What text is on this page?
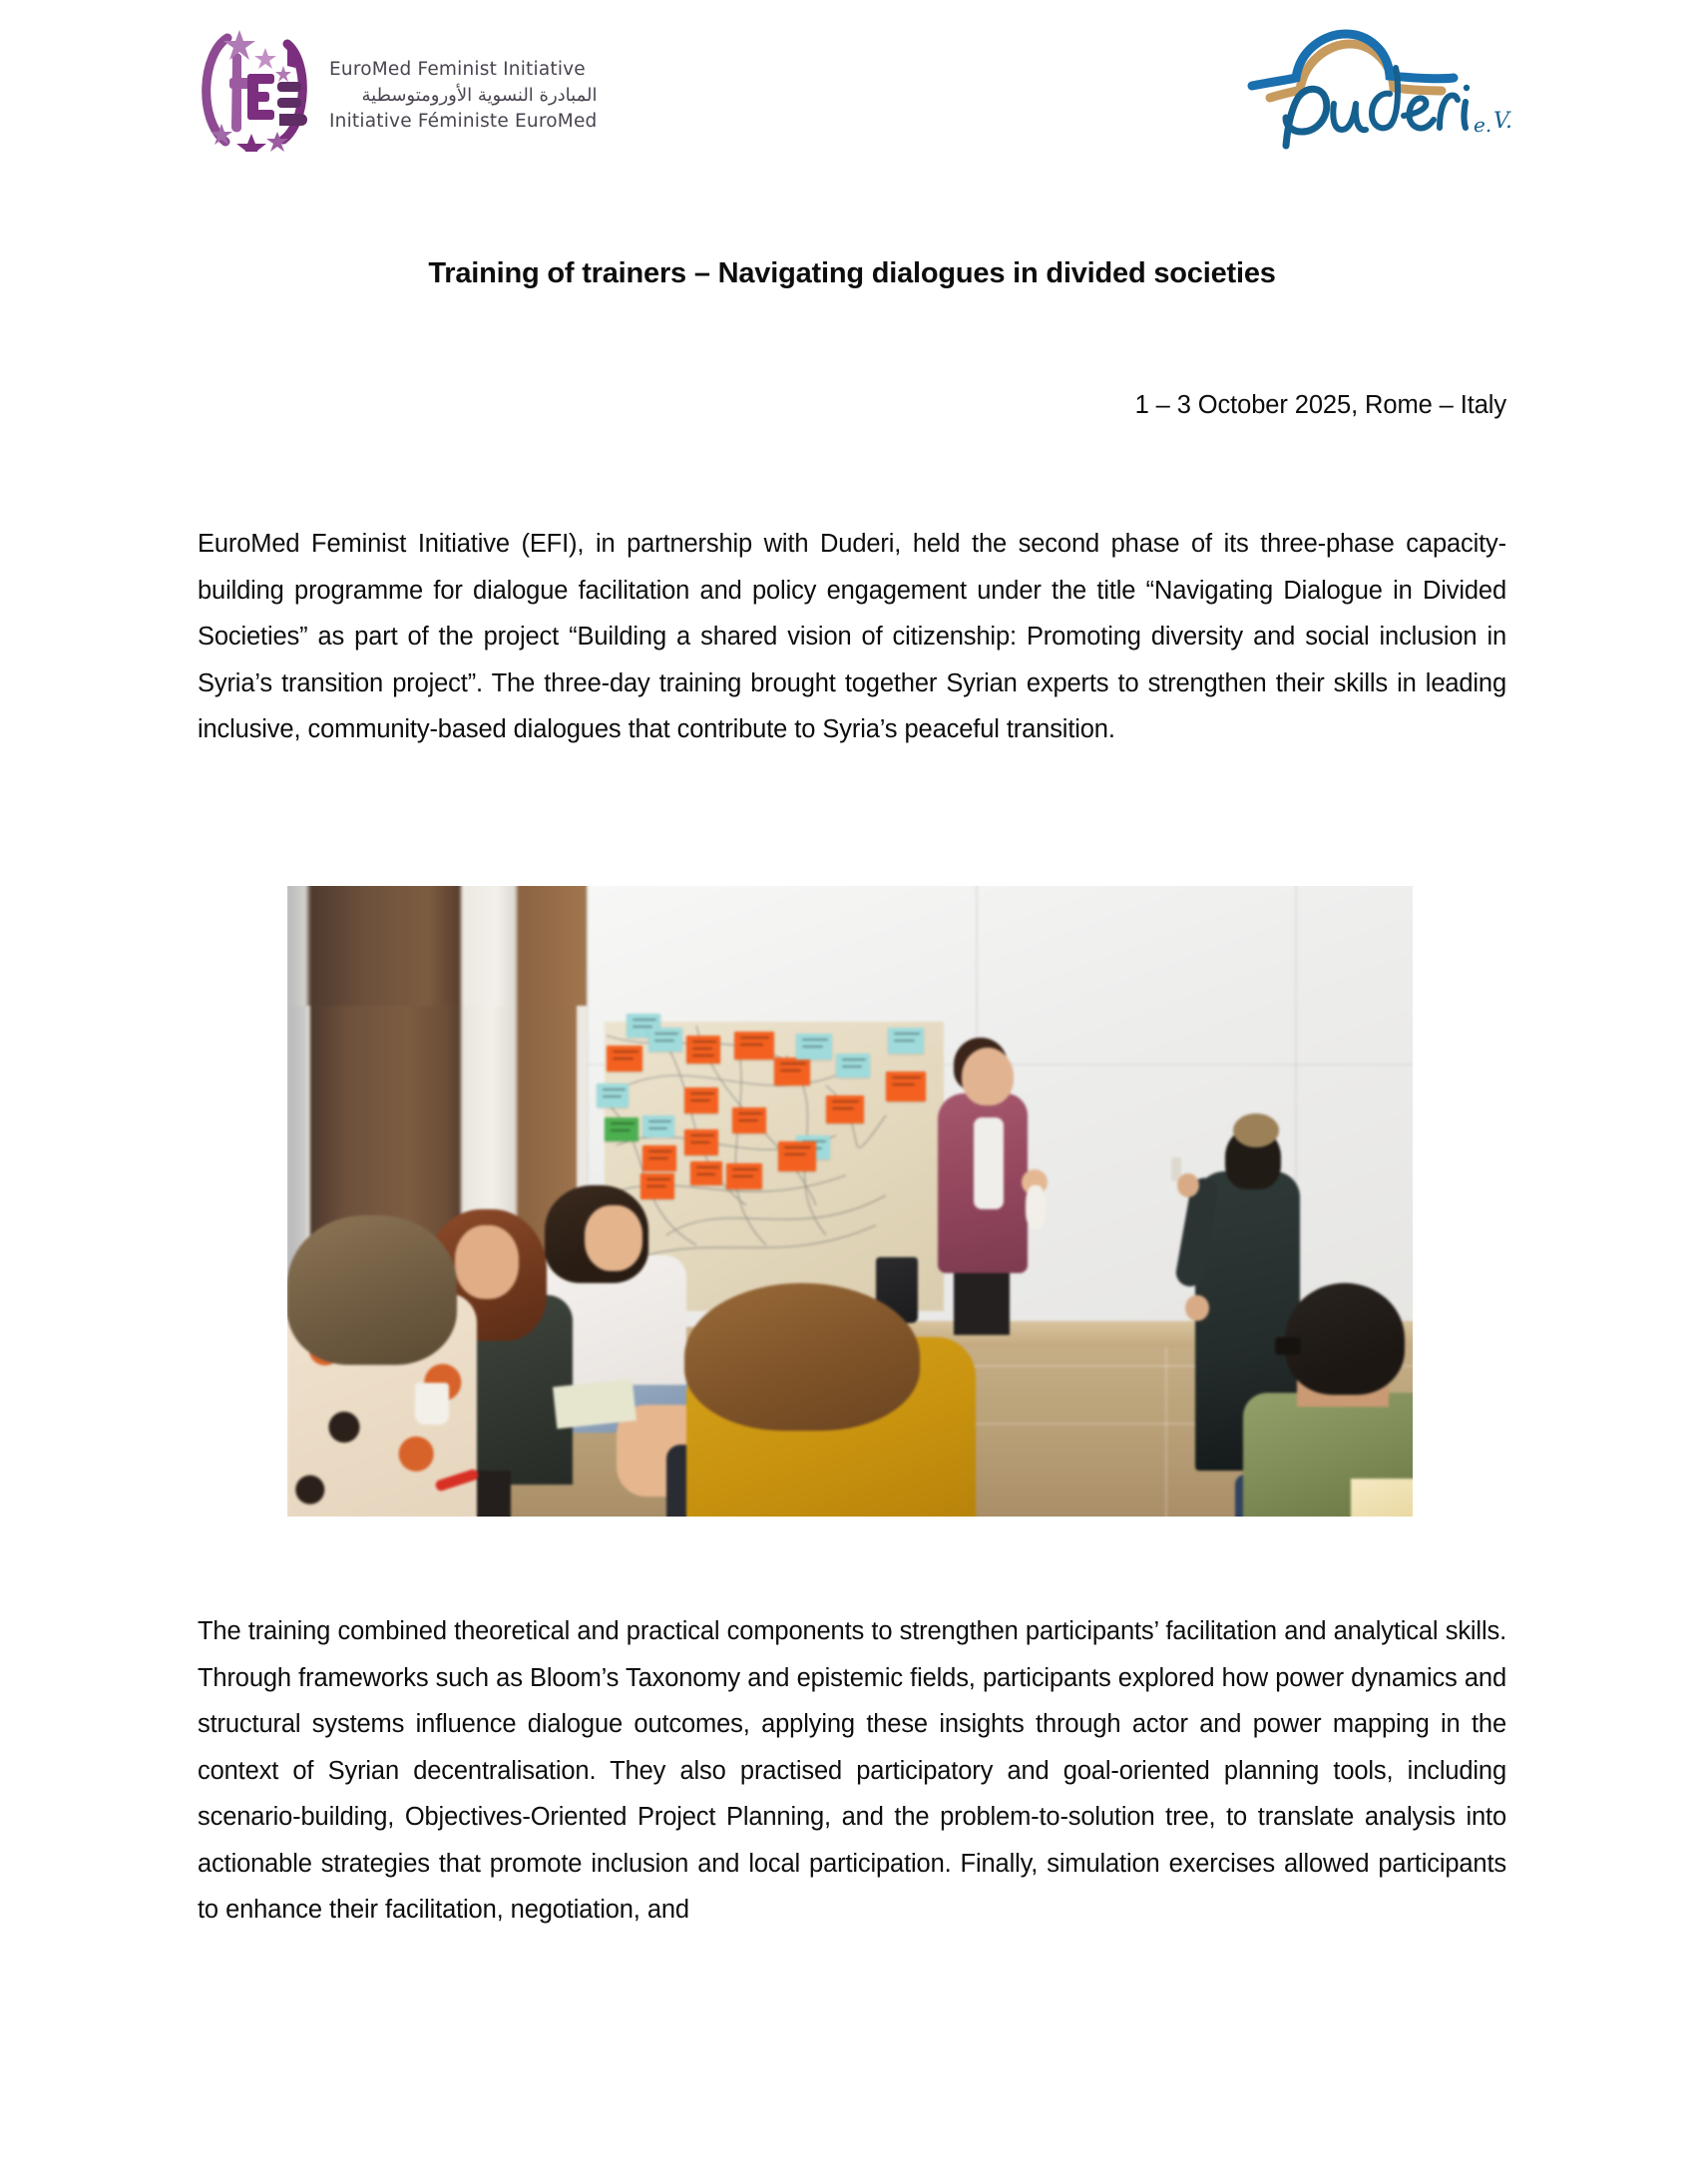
EuroMed Feminist Initiative
المبادرة النسوية الأورومتوسطية
Initiative Féministe EuroMed	e. V.
Training of trainers – Navigating dialogues in divided societies
1 – 3 October 2025, Rome – Italy
EuroMed Feminist Initiative (EFI), in partnership with Duderi, held the second phase of its three-phase capacity-building programme for dialogue facilitation and policy engagement under the title “Navigating Dialogue in Divided Societies” as part of the project “Building a shared vision of citizenship: Promoting diversity and social inclusion in Syria’s transition project”. The three-day training brought together Syrian experts to strengthen their skills in leading inclusive, community-based dialogues that contribute to Syria’s peaceful transition.
The training combined theoretical and practical components to strengthen participants’ facilitation and analytical skills. Through frameworks such as Bloom’s Taxonomy and epistemic fields, participants explored how power dynamics and structural systems influence dialogue outcomes, applying these insights through actor and power mapping in the context of Syrian decentralisation. They also practised participatory and goal-oriented planning tools, including scenario-building, Objectives-Oriented Project Planning, and the problem-to-solution tree, to translate analysis into actionable strategies that promote inclusion and local participation. Finally, simulation exercises allowed participants to enhance their facilitation, negotiation, and
